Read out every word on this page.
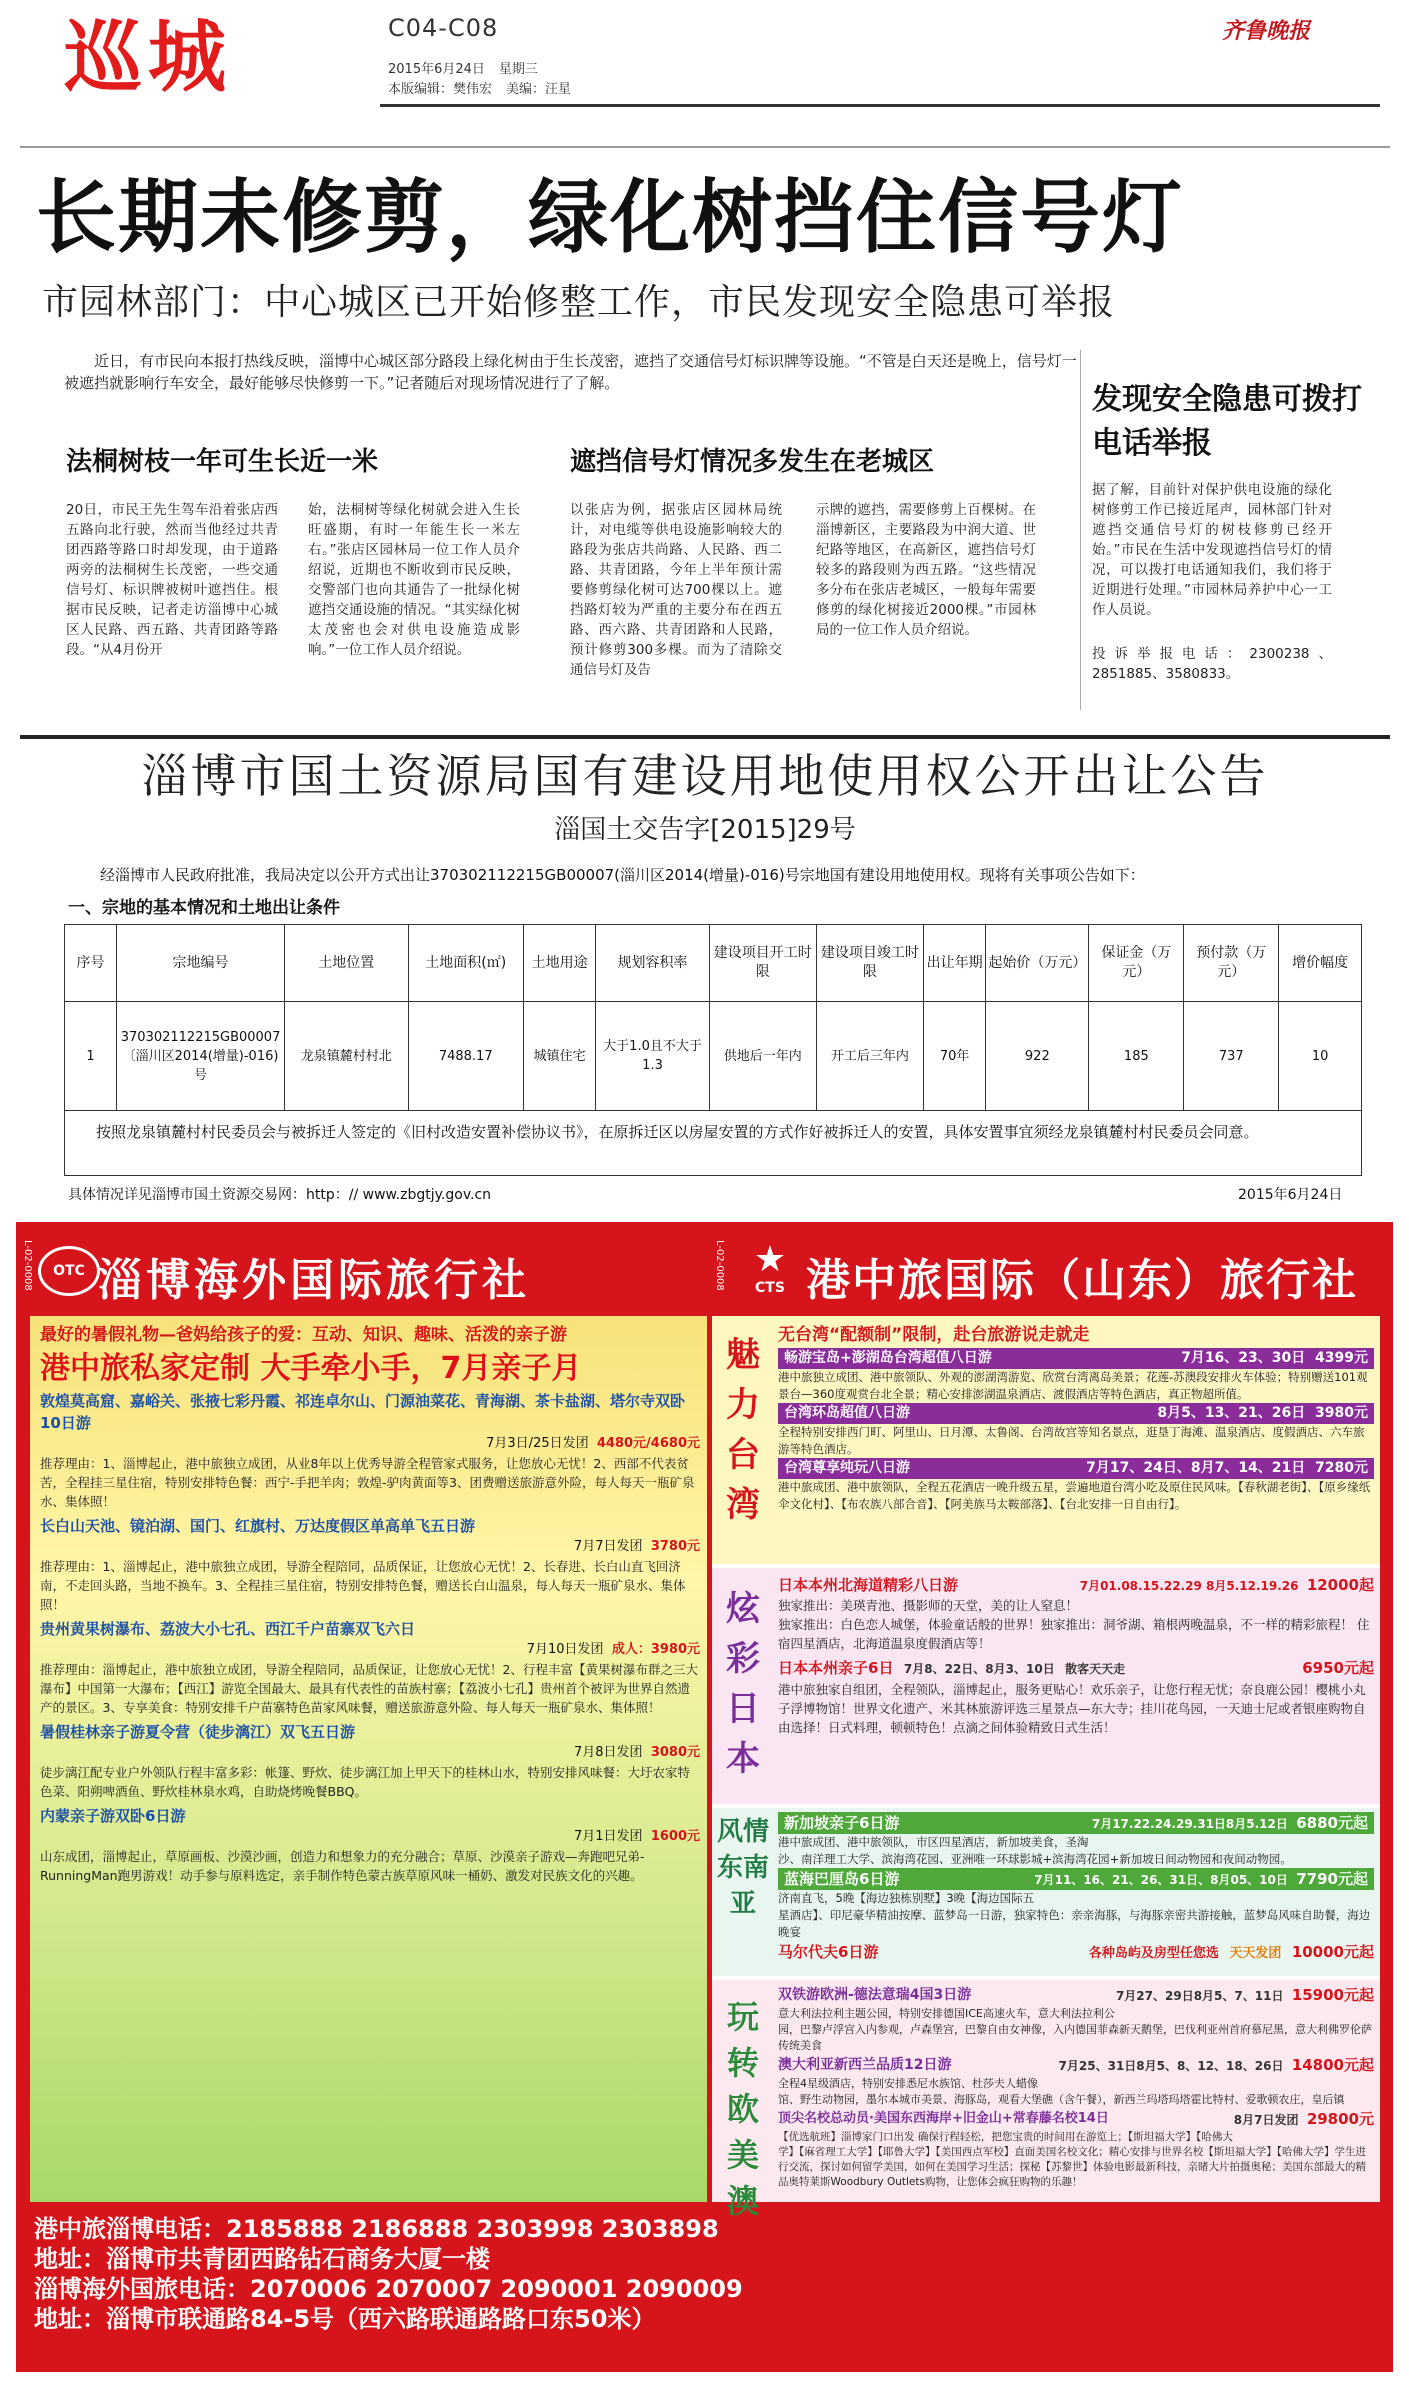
巡城	C04-C08
2015年6月24日 星期三
本版编辑：樊伟宏 美编：汪星
齐鲁晚报
长期未修剪，绿化树挡住信号灯
市园林部门：中心城区已开始修整工作，市民发现安全隐患可举报
近日，有市民向本报打热线反映，淄博中心城区部分路段上绿化树由于生长茂密，遮挡了交通信号灯标识牌等设施。“不管是白天还是晚上，信号灯一被遮挡就影响行车安全，最好能够尽快修剪一下。”记者随后对现场情况进行了了解。
法桐树枝一年可生长近一米
20日，市民王先生驾车沿着张店西五路向北行驶，然而当他经过共青团西路等路口时却发现，由于道路两旁的法桐树生长茂密，一些交通信号灯、标识牌被树叶遮挡住。根据市民反映，记者走访淄博中心城区人民路、西五路、共青团路等路段。“从4月份开
始，法桐树等绿化树就会进入生长旺盛期，有时一年能生长一米左右。”张店区园林局一位工作人员介绍说，近期也不断收到市民反映，交警部门也向其通告了一批绿化树遮挡交通设施的情况。“其实绿化树太茂密也会对供电设施造成影响。”一位工作人员介绍说。
遮挡信号灯情况多发生在老城区
以张店为例，据张店区园林局统计，对电缆等供电设施影响较大的路段为张店共尚路、人民路、西二路、共青团路，今年上半年预计需要修剪绿化树可达700棵以上。遮挡路灯较为严重的主要分布在西五路、西六路、共青团路和人民路，预计修剪300多棵。而为了清除交通信号灯及告
示牌的遮挡，需要修剪上百棵树。在淄博新区，主要路段为中润大道、世纪路等地区，在高新区，遮挡信号灯较多的路段则为西五路。“这些情况多分布在张店老城区，一般每年需要修剪的绿化树接近2000棵。”市园林局的一位工作人员介绍说。
发现安全隐患可拨打电话举报
据了解，目前针对保护供电设施的绿化树修剪工作已接近尾声，园林部门针对遮挡交通信号灯的树枝修剪已经开始。”市民在生活中发现遮挡信号灯的情况，可以拨打电话通知我们，我们将于近期进行处理。”市园林局养护中心一工作人员说。
投诉举报电话：2300238、2851885、3580833。
淄博市国土资源局国有建设用地使用权公开出让公告
淄国土交告字[2015]29号
经淄博市人民政府批准，我局决定以公开方式出让370302112215GB00007(淄川区2014(增量)-016)号宗地国有建设用地使用权。现将有关事项公告如下：
一、宗地的基本情况和土地出让条件
序号	宗地编号	土地位置	土地面积(㎡)	土地用途	规划容积率	建设项目开工时限	建设项目竣工时限	出让年期	起始价（万元）	保证金（万元）	预付款（万元）	增价幅度
1	370302112215GB00007〔淄川区2014(增量)-016)号	龙泉镇麓村村北	7488.17	城镇住宅	大于1.0且不大于1.3	供地后一年内	开工后三年内	70年	922	185	737	10
按照龙泉镇麓村村民委员会与被拆迁人签定的《旧村改造安置补偿协议书》，在原拆迁区以房屋安置的方式作好被拆迁人的安置，具体安置事宜须经龙泉镇麓村村民委员会同意。
具体情况详见淄博市国土资源交易网：http：// www.zbgtjy.gov.cn	2015年6月24日
OTC 淄博海外国际旅行社
L-02-0008	L-02-0008 ★
CTS 港中旅国际（山东）旅行社
最好的暑假礼物—爸妈给孩子的爱：互动、知识、趣味、活泼的亲子游
港中旅私家定制 大手牵小手，7月亲子月
敦煌莫高窟、嘉峪关、张掖七彩丹霞、祁连卓尔山、门源油菜花、青海湖、茶卡盐湖、塔尔寺双卧10日游
7月3日/25日发团 4480元/4680元
推荐理由：1、淄博起止，港中旅独立成团，从业8年以上优秀导游全程管家式服务，让您放心无忧！2、西部不代表贫苦，全程挂三星住宿，特别安排特色餐：西宁-手把羊肉；敦煌-驴肉黄面等3、团费赠送旅游意外险，每人每天一瓶矿泉水、集体照！
长白山天池、镜泊湖、国门、红旗村、万达度假区单高单飞五日游
7月7日发团 3780元
推荐理由：1、淄博起止，港中旅独立成团，导游全程陪同，品质保证，让您放心无忧！2、长春进、长白山直飞回济南，不走回头路，当地不换车。3、全程挂三星住宿，特别安排特色餐，赠送长白山温泉，每人每天一瓶矿泉水、集体照！
贵州黄果树瀑布、荔波大小七孔、西江千户苗寨双飞六日
7月10日发团 成人：3980元
推荐理由：淄博起止，港中旅独立成团，导游全程陪同，品质保证，让您放心无忧！2、行程丰富【黄果树瀑布群之三大瀑布】中国第一大瀑布；【西江】游览全国最大、最具有代表性的苗族村寨；【荔波小七孔】贵州首个被评为世界自然遗产的景区。3、专享美食：特别安排千户苗寨特色苗家风味餐，赠送旅游意外险、每人每天一瓶矿泉水、集体照！
暑假桂林亲子游夏令营（徒步漓江）双飞五日游
7月8日发团 3080元
徒步漓江配专业户外领队行程丰富多彩：帐篷、野炊、徒步漓江加上甲天下的桂林山水，特别安排风味餐：大圩农家特色菜、阳朔啤酒鱼、野炊桂林泉水鸡，自助烧烤晚餐BBQ。
内蒙亲子游双卧6日游
7月1日发团 1600元
山东成团，淄博起止，草原画板、沙漠沙画，创造力和想象力的充分融合；草原、沙漠亲子游戏—奔跑吧兄弟-RunningMan跑男游戏！动手参与原料选定，亲手制作特色蒙古族草原风味一桶奶、激发对民族文化的兴趣。
魅力台湾
无台湾“配额制”限制，赴台旅游说走就走
畅游宝岛+澎湖岛台湾超值八日游	7月16、23、30日 4399元
港中旅独立成团、港中旅领队、外观的澎湖湾游览、欣赏台湾离岛美景；花莲-苏澳段安排火车体验；特别赠送101观景台—360度观赏台北全景；精心安排澎湖温泉酒店、渡假酒店等特色酒店，真正物超所值。
台湾环岛超值八日游	8月5、13、21、26日 3980元
全程特别安排西门町、阿里山、日月潭、太鲁阁、台湾故宫等知名景点，逛垦丁海滩、温泉酒店、度假酒店、六车旅游等特色酒店。
台湾尊享纯玩八日游	7月17、24日、8月7、14、21日 7280元
港中旅成团、港中旅领队，全程五花酒店一晚升级五星，尝遍地道台湾小吃及原住民风味。【春秋湖老街】、【原乡缘纸伞文化村】、【布农族八部合音】、【阿美族马太鞍部落】、【台北安排一日自由行】。
炫彩日本
日本本州北海道精彩八日游	7月01.08.15.22.29 8月5.12.19.26 12000起
独家推出：美瑛青池、摄影师的天堂，美的让人窒息！独家推出：白色恋人城堡，体验童话般的世界！独家推出：洞爷湖、箱根两晚温泉，不一样的精彩旅程！ 住宿四星酒店，北海道温泉度假酒店等！
日本本州亲子6日 7月8、22日、8月3、10日 散客天天走	6950元起
港中旅独家自组团，全程领队，淄博起止，服务更贴心！欢乐亲子，让您行程无忧；奈良鹿公园！樱桃小丸子浮博物馆！世界文化遗产、米其林旅游评选三星景点—东大寺；挂川花鸟园，一天迪士尼或者银座购物自由选择！日式料理，顿顿特色！点滴之间体验精致日式生活！
风情东南亚
新加坡亲子6日游	7月17.22.24.29.31日8月5.12日 6880元起
港中旅成团、港中旅领队，市区四星酒店，新加坡美食，圣淘沙、南洋理工大学、滨海湾花园、亚洲唯一环球影城+滨海湾花园+新加坡日间动物园和夜间动物园。
蓝海巴厘岛6日游	7月11、16、21、26、31日、8月05、10日 7790元起
济南直飞，5晚【海边独栋别墅】3晚【海边国际五星酒店】、印尼豪华精油按摩、蓝梦岛一日游，独家特色：亲亲海豚，与海豚亲密共游接触，蓝梦岛风味自助餐，海边晚宴
马尔代夫6日游	各种岛屿及房型任您选 天天发团 10000元起
玩转欧美澳
双铁游欧洲-德法意瑞4国3日游	7月27、29日8月5、7、11日 15900元起
意大利法拉利主题公园，特别安排德国ICE高速火车，意大利法拉利公园，巴黎卢浮宫入内参观，卢森堡宫，巴黎自由女神像，入内德国菲森新天鹅堡，巴伐利亚州首府慕尼黑，意大利佛罗伦萨传统美食
澳大利亚新西兰品质12日游	7月25、31日8月5、8、12、18、26日 14800元起
全程4星级酒店，特别安排悉尼水族馆、杜莎夫人蜡像馆、野生动物园，墨尔本城市美景、海豚岛，观看大堡礁（含午餐），新西兰玛塔玛塔霍比特村、爱歌顿农庄，皇后镇
顶尖名校总动员·美国东西海岸+旧金山+常春藤名校14日	8月7日发团 29800元
【优选航班】淄博家门口出发 确保行程轻松，把您宝贵的时间用在游览上；【斯坦福大学】【哈佛大学】【麻省理工大学】【耶鲁大学】【美国西点军校】直面美国名校文化；精心安排与世界名校【斯坦福大学】【哈佛大学】学生进行交流，探讨如何留学美国，如何在美国学习生活；探秘【苏黎世】体验电影最新科技，亲睹大片拍摄奥秘；美国东部最大的精品奥特莱斯Woodbury Outlets购物，让您体会疯狂购物的乐趣！
港中旅淄博电话：2185888 2186888 2303998 2303898
地址：淄博市共青团西路钻石商务大厦一楼
淄博海外国旅电话：2070006 2070007 2090001 2090009
地址：淄博市联通路84-5号（西六路联通路路口东50米）
